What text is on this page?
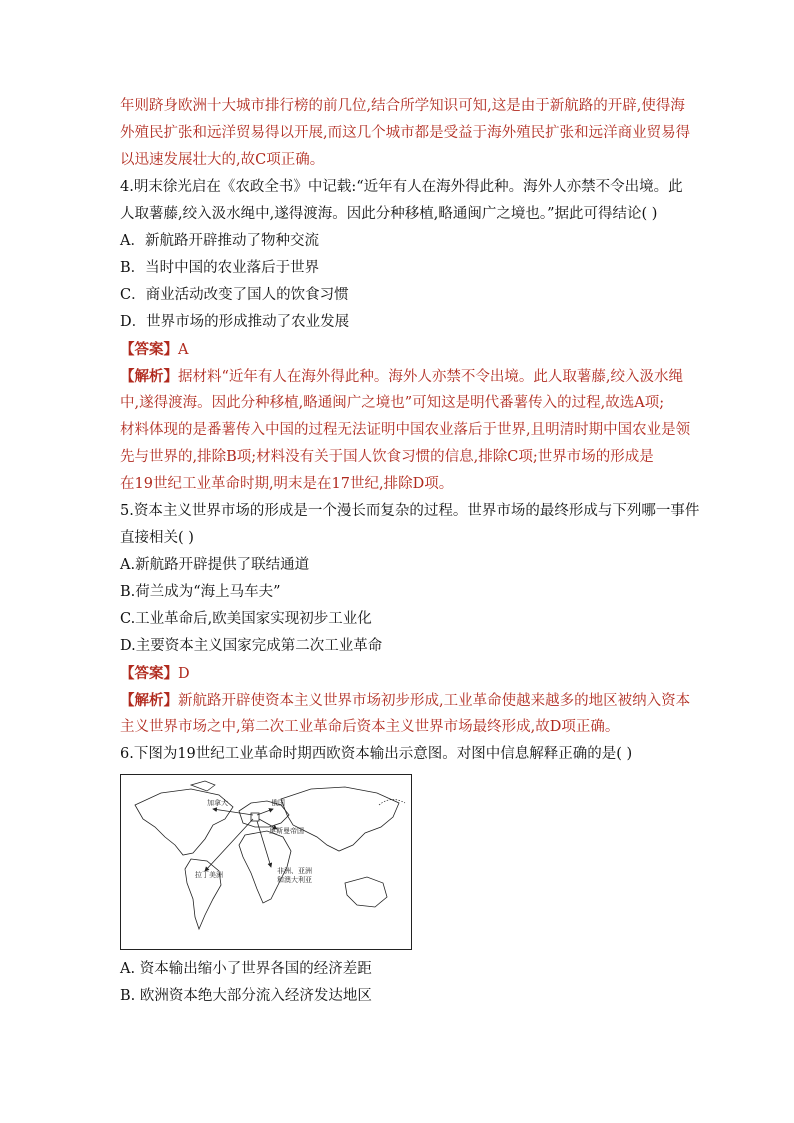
年则跻身欧洲十大城市排行榜的前几位,结合所学知识可知,这是由于新航路的开辟,使得海
外殖民扩张和远洋贸易得以开展,而这几个城市都是受益于海外殖民扩张和远洋商业贸易得
以迅速发展壮大的,故C项正确。
4.明末徐光启在《农政全书》中记载:“近年有人在海外得此种。海外人亦禁不令出境。此
人取薯藤,绞入汲水绳中,遂得渡海。因此分种移植,略通闽广之境也。”据此可得结论( )
A．新航路开辟推动了物种交流
B．当时中国的农业落后于世界
C．商业活动改变了国人的饮食习惯
D．世界市场的形成推动了农业发展
【答案】A
【解析】据材料“近年有人在海外得此种。海外人亦禁不令出境。此人取薯藤,绞入汲水绳
中,遂得渡海。因此分种移植,略通闽广之境也”可知这是明代番薯传入的过程,故选A项;
材料体现的是番薯传入中国的过程无法证明中国农业落后于世界,且明清时期中国农业是领
先与世界的,排除B项;材料没有关于国人饮食习惯的信息,排除C项;世界市场的形成是
在19世纪工业革命时期,明末是在17世纪,排除D项。
5.资本主义世界市场的形成是一个漫长而复杂的过程。世界市场的最终形成与下列哪一事件
直接相关( )
A.新航路开辟提供了联结通道
B.荷兰成为“海上马车夫”
C.工业革命后,欧美国家实现初步工业化
D.主要资本主义国家完成第二次工业革命
【答案】D
【解析】新航路开辟使资本主义世界市场初步形成,工业革命使越来越多的地区被纳入资本
主义世界市场之中,第二次工业革命后资本主义世界市场最终形成,故D项正确。
6.下图为19世纪工业革命时期西欧资本输出示意图。对图中信息解释正确的是( )
加拿大	俄国
奥斯曼帝国
拉丁美洲	非洲、亚洲
和澳大利亚
A. 资本输出缩小了世界各国的经济差距
B. 欧洲资本绝大部分流入经济发达地区
